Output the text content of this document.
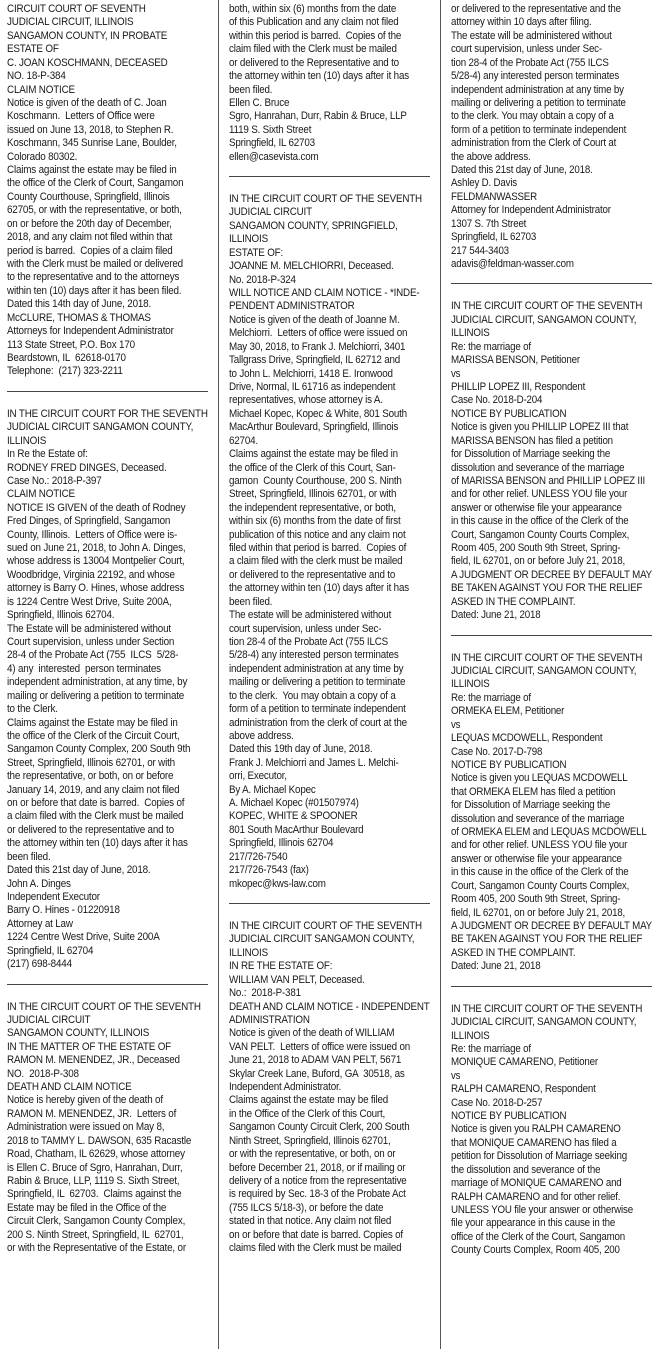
CIRCUIT COURT OF SEVENTH
JUDICIAL CIRCUIT, ILLINOIS
SANGAMON COUNTY, IN PROBATE
ESTATE OF
C. JOAN KOSCHMANN, DECEASED
NO. 18-P-384
CLAIM NOTICE
Notice is given of the death of C. Joan
Koschmann.  Letters of Office were
issued on June 13, 2018, to Stephen R.
Koschmann, 345 Sunrise Lane, Boulder,
Colorado 80302.
Claims against the estate may be filed in
the office of the Clerk of Court, Sangamon
County Courthouse, Springfield, Illinois
62705, or with the representative, or both,
on or before the 20th day of December,
2018, and any claim not filed within that
period is barred.  Copies of a claim filed
with the Clerk must be mailed or delivered
to the representative and to the attorneys
within ten (10) days after it has been filed.
Dated this 14th day of June, 2018.
McCLURE, THOMAS & THOMAS
Attorneys for Independent Administrator
113 State Street, P.O. Box 170
Beardstown, IL  62618-0170
Telephone:  (217) 323-2211
IN THE CIRCUIT COURT FOR THE SEVENTH
JUDICIAL CIRCUIT SANGAMON COUNTY,
ILLINOIS
In Re the Estate of:
RODNEY FRED DINGES, Deceased.
Case No.: 2018-P-397
CLAIM NOTICE
NOTICE IS GIVEN of the death of Rodney
Fred Dinges, of Springfield, Sangamon
County, Illinois.  Letters of Office were is-
sued on June 21, 2018, to John A. Dinges,
whose address is 13004 Montpelier Court,
Woodbridge, Virginia 22192, and whose
attorney is Barry O. Hines, whose address
is 1224 Centre West Drive, Suite 200A,
Springfield, Illinois 62704.
The Estate will be administered without
Court supervision, unless under Section
28-4 of the Probate Act (755  ILCS  5/28-
4) any  interested  person terminates
independent administration, at any time, by
mailing or delivering a petition to terminate
to the Clerk.
Claims against the Estate may be filed in
the office of the Clerk of the Circuit Court,
Sangamon County Complex, 200 South 9th
Street, Springfield, Illinois 62701, or with
the representative, or both, on or before
January 14, 2019, and any claim not filed
on or before that date is barred.  Copies of
a claim filed with the Clerk must be mailed
or delivered to the representative and to
the attorney within ten (10) days after it has
been filed.
Dated this 21st day of June, 2018.
John A. Dinges
Independent Executor
Barry O. Hines - 01220918
Attorney at Law
1224 Centre West Drive, Suite 200A
Springfield, IL 62704
(217) 698-8444
IN THE CIRCUIT COURT OF THE SEVENTH
JUDICIAL CIRCUIT
SANGAMON COUNTY, ILLINOIS
IN THE MATTER OF THE ESTATE OF
RAMON M. MENENDEZ, JR., Deceased
NO.  2018-P-308
DEATH AND CLAIM NOTICE
Notice is hereby given of the death of
RAMON M. MENENDEZ, JR.  Letters of
Administration were issued on May 8,
2018 to TAMMY L. DAWSON, 635 Racastle
Road, Chatham, IL 62629, whose attorney
is Ellen C. Bruce of Sgro, Hanrahan, Durr,
Rabin & Bruce, LLP, 1119 S. Sixth Street,
Springfield, IL  62703.  Claims against the
Estate may be filed in the Office of the
Circuit Clerk, Sangamon County Complex,
200 S. Ninth Street, Springfield, IL  62701,
or with the Representative of the Estate, or
both, within six (6) months from the date
of this Publication and any claim not filed
within this period is barred.  Copies of the
claim filed with the Clerk must be mailed
or delivered to the Representative and to
the attorney within ten (10) days after it has
been filed.
Ellen C. Bruce
Sgro, Hanrahan, Durr, Rabin & Bruce, LLP
1119 S. Sixth Street
Springfield, IL 62703
ellen@casevista.com
IN THE CIRCUIT COURT OF THE SEVENTH
JUDICIAL CIRCUIT
SANGAMON COUNTY, SPRINGFIELD,
ILLINOIS
ESTATE OF:
JOANNE M. MELCHIORRI, Deceased.
No. 2018-P-324
WILL NOTICE AND CLAIM NOTICE - *INDE-
PENDENT ADMINISTRATOR
Notice is given of the death of Joanne M.
Melchiorri.  Letters of office were issued on
May 30, 2018, to Frank J. Melchiorri, 3401
Tallgrass Drive, Springfield, IL 62712 and
to John L. Melchiorri, 1418 E. Ironwood
Drive, Normal, IL 61716 as independent
representatives, whose attorney is A.
Michael Kopec, Kopec & White, 801 South
MacArthur Boulevard, Springfield, Illinois
62704.
Claims against the estate may be filed in
the office of the Clerk of this Court, San-
gamon  County Courthouse, 200 S. Ninth
Street, Springfield, Illinois 62701, or with
the independent representative, or both,
within six (6) months from the date of first
publication of this notice and any claim not
filed within that period is barred.  Copies of
a claim filed with the clerk must be mailed
or delivered to the representative and to
the attorney within ten (10) days after it has
been filed.
The estate will be administered without
court supervision, unless under Sec-
tion 28-4 of the Probate Act (755 ILCS
5/28-4) any interested person terminates
independent administration at any time by
mailing or delivering a petition to terminate
to the clerk.  You may obtain a copy of a
form of a petition to terminate independent
administration from the clerk of court at the
above address.
Dated this 19th day of June, 2018.
Frank J. Melchiorri and James L. Melchi-
orri, Executor,
By A. Michael Kopec
A. Michael Kopec (#01507974)
KOPEC, WHITE & SPOONER
801 South MacArthur Boulevard
Springfield, Illinois 62704
217/726-7540
217/726-7543 (fax)
mkopec@kws-law.com
IN THE CIRCUIT COURT OF THE SEVENTH
JUDICIAL CIRCUIT SANGAMON COUNTY,
ILLINOIS
IN RE THE ESTATE OF:
WILLIAM VAN PELT, Deceased.
No.:  2018-P-381
DEATH AND CLAIM NOTICE - INDEPENDENT
ADMINISTRATION
Notice is given of the death of WILLIAM
VAN PELT.  Letters of office were issued on
June 21, 2018 to ADAM VAN PELT, 5671
Skylar Creek Lane, Buford, GA  30518, as
Independent Administrator.
Claims against the estate may be filed
in the Office of the Clerk of this Court,
Sangamon County Circuit Clerk, 200 South
Ninth Street, Springfield, Illinois 62701,
or with the representative, or both, on or
before December 21, 2018, or if mailing or
delivery of a notice from the representative
is required by Sec. 18-3 of the Probate Act
(755 ILCS 5/18-3), or before the date
stated in that notice. Any claim not filed
on or before that date is barred. Copies of
claims filed with the Clerk must be mailed
or delivered to the representative and the
attorney within 10 days after filing.
The estate will be administered without
court supervision, unless under Sec-
tion 28-4 of the Probate Act (755 ILCS
5/28-4) any interested person terminates
independent administration at any time by
mailing or delivering a petition to terminate
to the clerk. You may obtain a copy of a
form of a petition to terminate independent
administration from the Clerk of Court at
the above address.
Dated this 21st day of June, 2018.
Ashley D. Davis
FELDMANWASSER
Attorney for Independent Administrator
1307 S. 7th Street
Springfield, IL 62703
217 544-3403
adavis@feldman-wasser.com
IN THE CIRCUIT COURT OF THE SEVENTH
JUDICIAL CIRCUIT, SANGAMON COUNTY,
ILLINOIS
Re: the marriage of
MARISSA BENSON, Petitioner
vs
PHILLIP LOPEZ III, Respondent
Case No. 2018-D-204
NOTICE BY PUBLICATION
Notice is given you PHILLIP LOPEZ III that
MARISSA BENSON has filed a petition
for Dissolution of Marriage seeking the
dissolution and severance of the marriage
of MARISSA BENSON and PHILLIP LOPEZ III
and for other relief. UNLESS YOU file your
answer or otherwise file your appearance
in this cause in the office of the Clerk of the
Court, Sangamon County Courts Complex,
Room 405, 200 South 9th Street, Spring-
field, IL 62701, on or before July 21, 2018,
A JUDGMENT OR DECREE BY DEFAULT MAY
BE TAKEN AGAINST YOU FOR THE RELIEF
ASKED IN THE COMPLAINT.
Dated: June 21, 2018
IN THE CIRCUIT COURT OF THE SEVENTH
JUDICIAL CIRCUIT, SANGAMON COUNTY,
ILLINOIS
Re: the marriage of
ORMEKA ELEM, Petitioner
vs
LEQUAS MCDOWELL, Respondent
Case No. 2017-D-798
NOTICE BY PUBLICATION
Notice is given you LEQUAS MCDOWELL
that ORMEKA ELEM has filed a petition
for Dissolution of Marriage seeking the
dissolution and severance of the marriage
of ORMEKA ELEM and LEQUAS MCDOWELL
and for other relief. UNLESS YOU file your
answer or otherwise file your appearance
in this cause in the office of the Clerk of the
Court, Sangamon County Courts Complex,
Room 405, 200 South 9th Street, Spring-
field, IL 62701, on or before July 21, 2018,
A JUDGMENT OR DECREE BY DEFAULT MAY
BE TAKEN AGAINST YOU FOR THE RELIEF
ASKED IN THE COMPLAINT.
Dated: June 21, 2018
IN THE CIRCUIT COURT OF THE SEVENTH
JUDICIAL CIRCUIT, SANGAMON COUNTY,
ILLINOIS
Re: the marriage of
MONIQUE CAMARENO, Petitioner
vs
RALPH CAMARENO, Respondent
Case No. 2018-D-257
NOTICE BY PUBLICATION
Notice is given you RALPH CAMARENO
that MONIQUE CAMARENO has filed a
petition for Dissolution of Marriage seeking
the dissolution and severance of the
marriage of MONIQUE CAMARENO and
RALPH CAMARENO and for other relief.
UNLESS YOU file your answer or otherwise
file your appearance in this cause in the
office of the Clerk of the Court, Sangamon
County Courts Complex, Room 405, 200
